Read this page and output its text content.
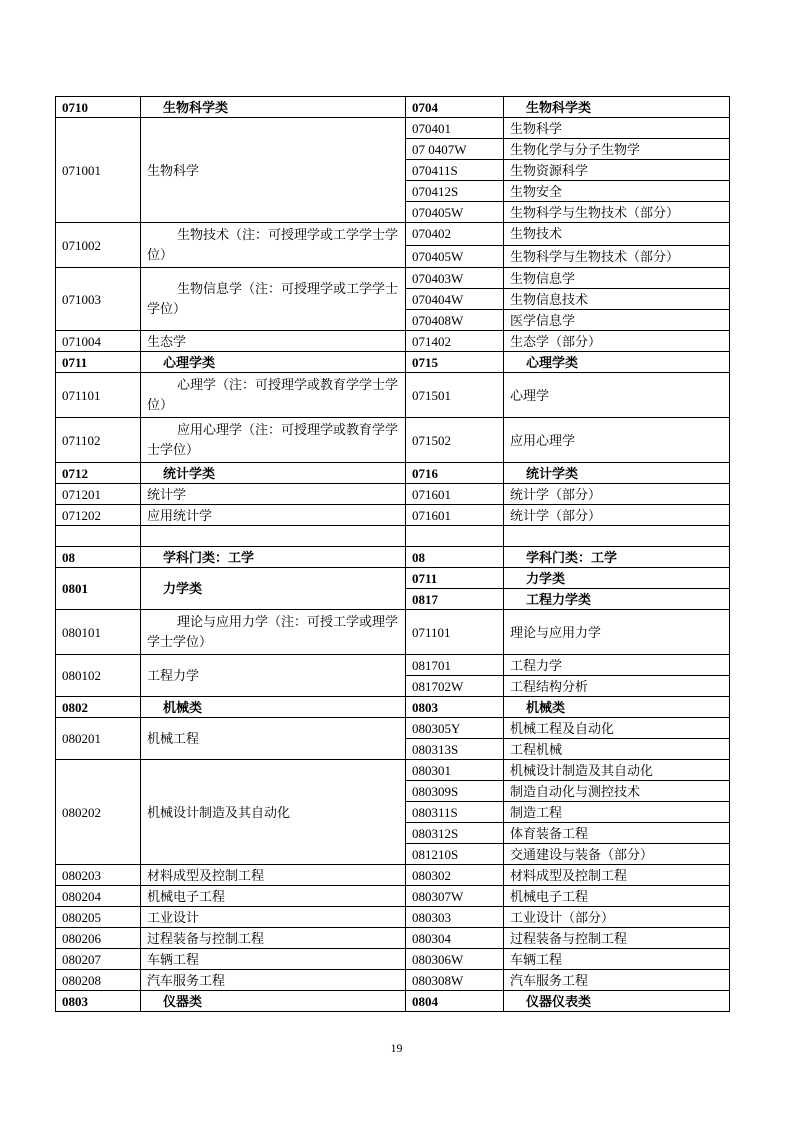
0710	生物科学类	0704	生物科学类
071001	生物科学	070401	生物科学
		07 0407W	生物化学与分子生物学
		070411S	生物资源科学
		070412S	生物安全
		070405W	生物科学与生物技术（部分）
071002	生物技术（注：可授理学或工学学士学位）	070402	生物技术
		070405W	生物科学与生物技术（部分）
071003	生物信息学（注：可授理学或工学学士学位）	070403W	生物信息学
		070404W	生物信息技术
		070408W	医学信息学
071004	生态学	071402	生态学（部分）
0711	心理学类	0715	心理学类
071101	心理学（注：可授理学或教育学学士学位）	071501	心理学
071102	应用心理学（注：可授理学或教育学学士学位）	071502	应用心理学
0712	统计学类	0716	统计学类
071201	统计学	071601	统计学（部分）
071202	应用统计学	071601	统计学（部分）

08	学科门类：工学	08	学科门类：工学
0801	力学类	0711	力学类
		0817	工程力学类
080101	理论与应用力学（注：可授工学或理学学士学位）	071101	理论与应用力学
080102	工程力学	081701	工程力学
		081702W	工程结构分析
0802	机械类	0803	机械类
080201	机械工程	080305Y	机械工程及自动化
		080313S	工程机械
080202	机械设计制造及其自动化	080301	机械设计制造及其自动化
		080309S	制造自动化与测控技术
		080311S	制造工程
		080312S	体育装备工程
		081210S	交通建设与装备（部分）
080203	材料成型及控制工程	080302	材料成型及控制工程
080204	机械电子工程	080307W	机械电子工程
080205	工业设计	080303	工业设计（部分）
080206	过程装备与控制工程	080304	过程装备与控制工程
080207	车辆工程	080306W	车辆工程
080208	汽车服务工程	080308W	汽车服务工程
0803	仪器类	0804	仪器仪表类
19
